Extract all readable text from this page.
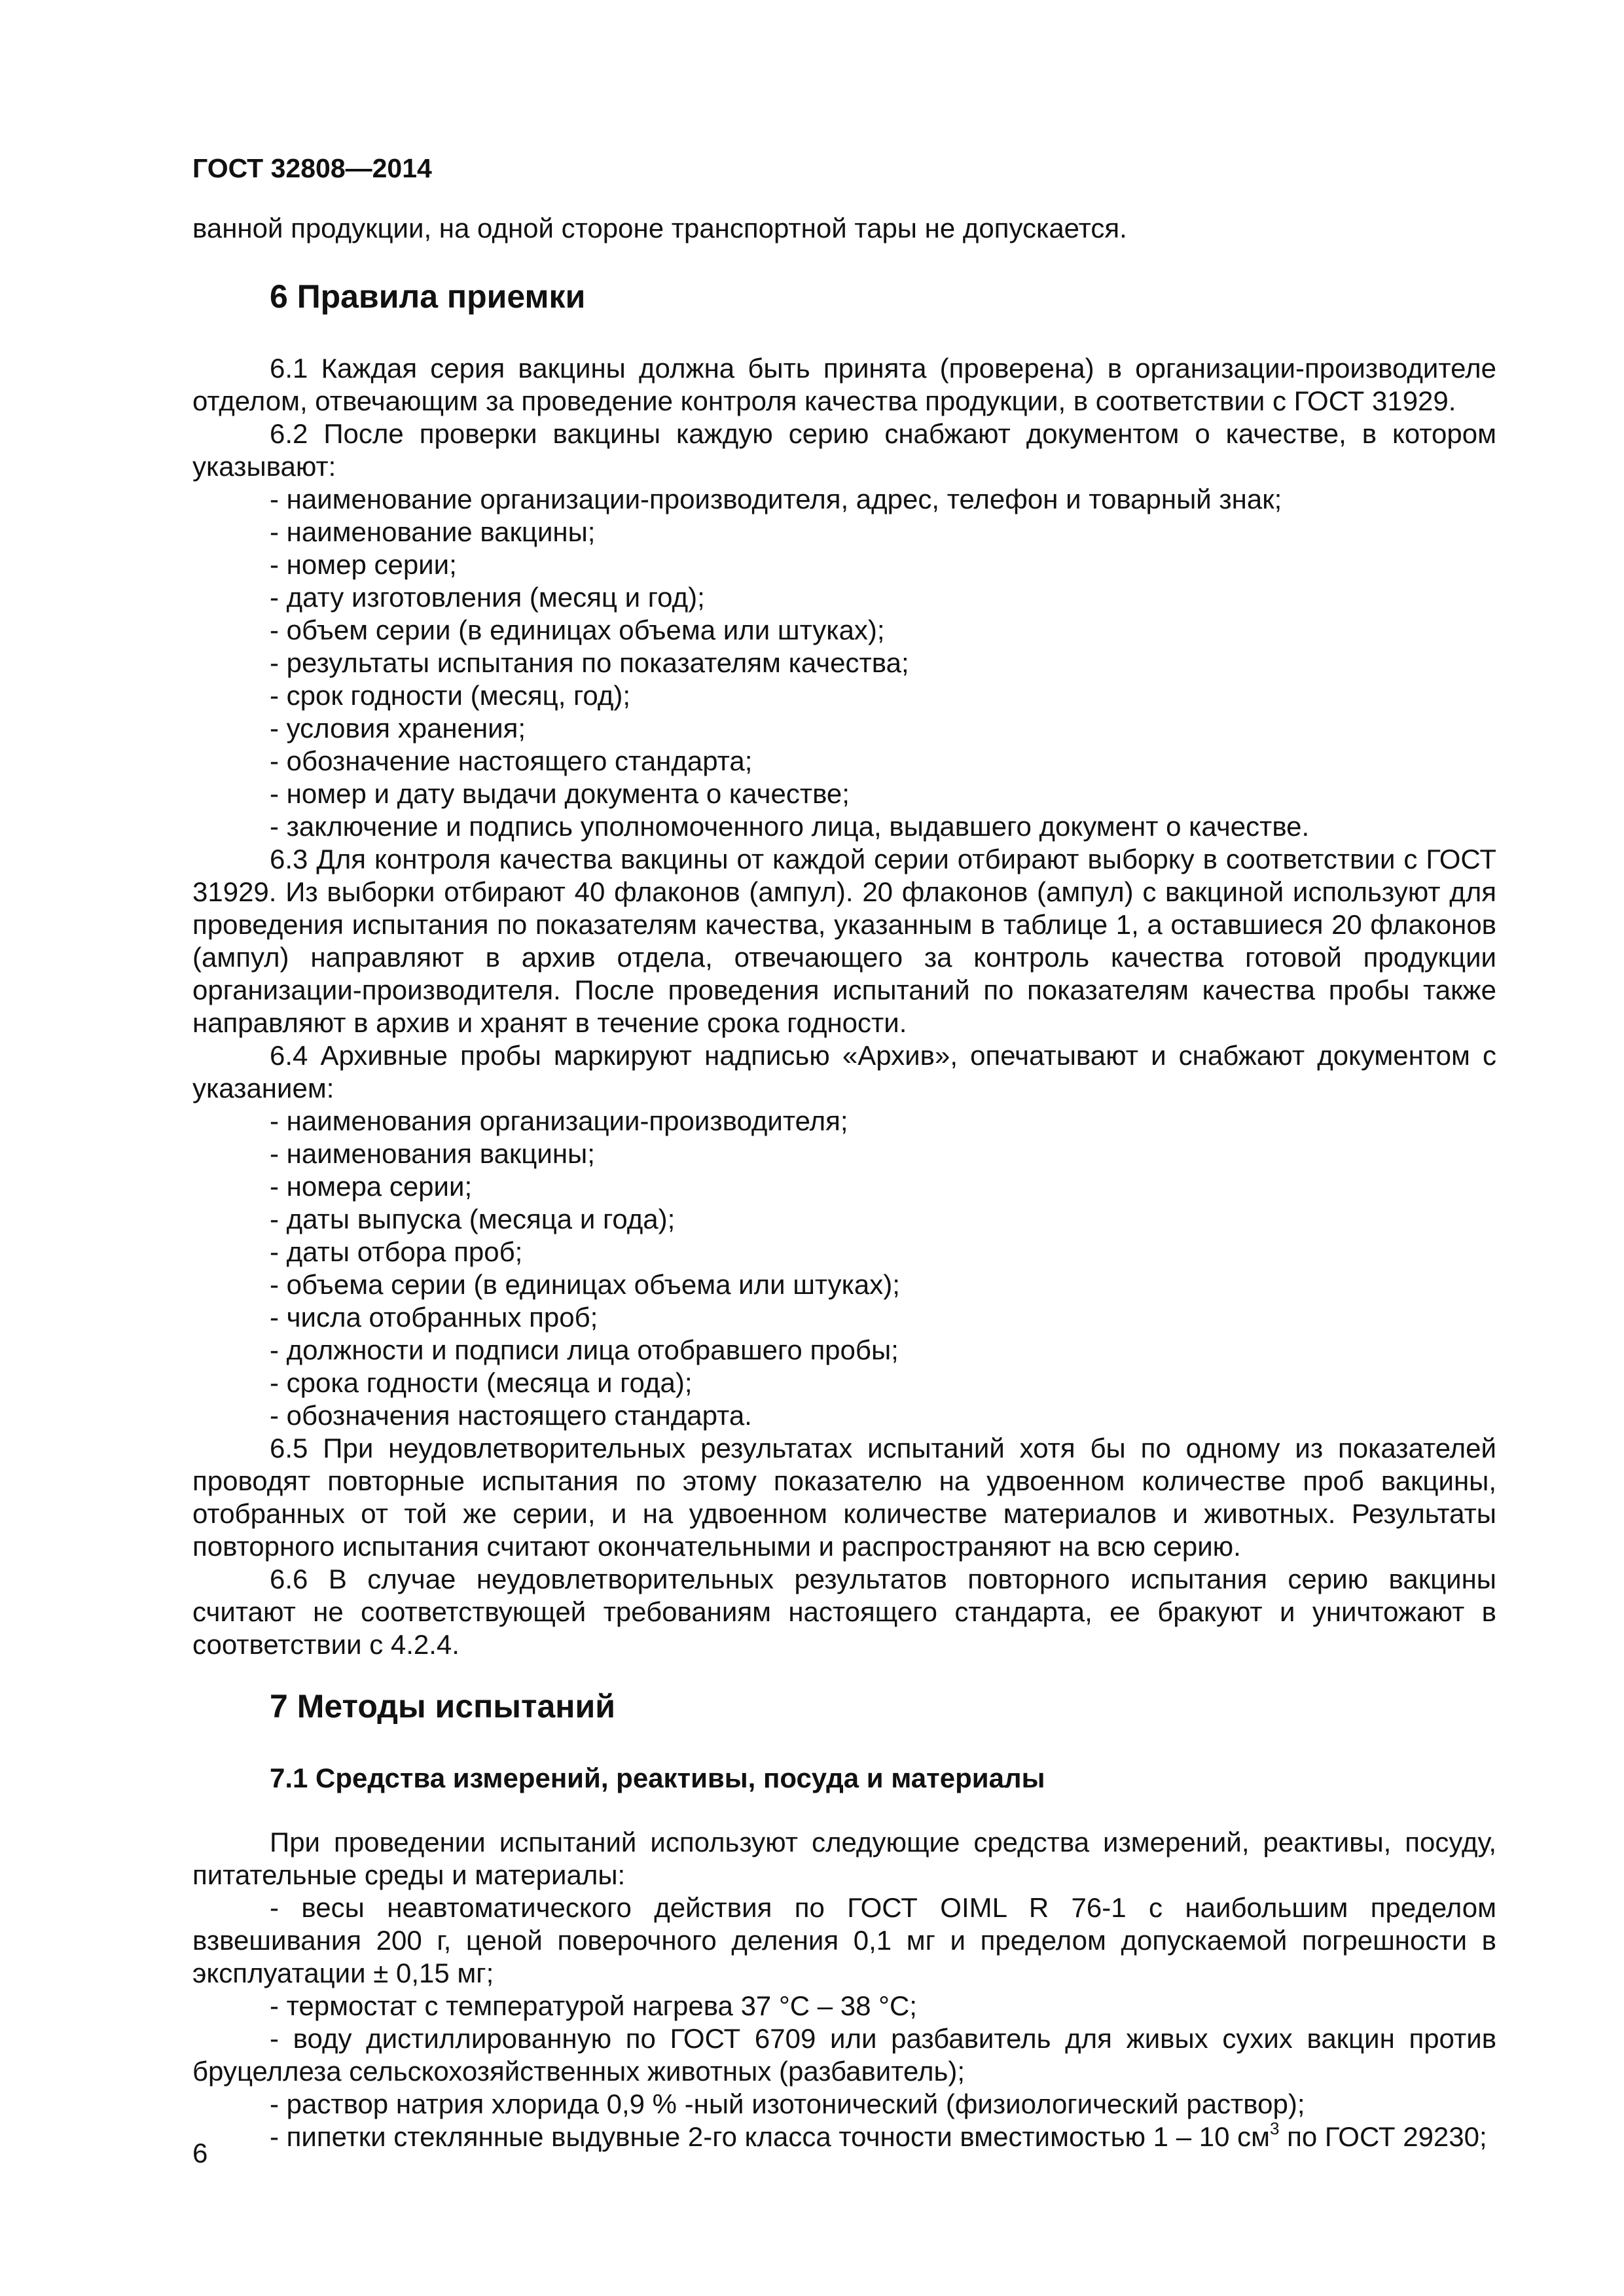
ГОСТ 32808—2014

ванной продукции, на одной стороне транспортной тары не допускается.

6 Правила приемки

6.1 Каждая серия вакцины должна быть принята (проверена) в организации-производителе отделом, отвечающим за проведение контроля качества продукции, в соответствии с ГОСТ 31929.

6.2 После проверки вакцины каждую серию снабжают документом о качестве, в котором указывают:

- наименование организации-производителя, адрес, телефон и товарный знак;

- наименование вакцины;

- номер серии;

- дату изготовления (месяц и год);

- объем серии (в единицах объема или штуках);

- результаты испытания по показателям качества;

- срок годности (месяц, год);

- условия хранения;

- обозначение настоящего стандарта;

- номер и дату выдачи документа о качестве;

- заключение и подпись уполномоченного лица, выдавшего документ о качестве.

6.3 Для контроля качества вакцины от каждой серии отбирают выборку в соответствии с ГОСТ 31929. Из выборки отбирают 40 флаконов (ампул). 20 флаконов (ампул) с вакциной используют для проведения испытания по показателям качества, указанным в таблице 1, а оставшиеся 20 флаконов (ампул) направляют в архив отдела, отвечающего за контроль качества готовой продукции организации-производителя. После проведения испытаний по показателям качества пробы также направляют в архив и хранят в течение срока годности.

6.4 Архивные пробы маркируют надписью «Архив», опечатывают и снабжают документом с указанием:

- наименования организации-производителя;

- наименования вакцины;

- номера серии;

- даты выпуска (месяца и года);

- даты отбора проб;

- объема серии (в единицах объема или штуках);

- числа отобранных проб;

- должности и подписи лица отобравшего пробы;

- срока годности (месяца и года);

- обозначения настоящего стандарта.

6.5 При неудовлетворительных результатах испытаний хотя бы по одному из показателей проводят повторные испытания по этому показателю на удвоенном количестве проб вакцины, отобранных от той же серии, и на удвоенном количестве материалов и животных. Результаты повторного испытания считают окончательными и распространяют на всю серию.

6.6 В случае неудовлетворительных результатов повторного испытания серию вакцины считают не соответствующей требованиям настоящего стандарта, ее бракуют и уничтожают в соответствии с 4.2.4.

7 Методы испытаний
7.1 Средства измерений, реактивы, посуда и материалы

При проведении испытаний используют следующие средства измерений, реактивы, посуду, питательные среды и материалы:

- весы неавтоматического действия по ГОСТ OIML R 76-1 с наибольшим пределом взвешивания 200 г, ценой поверочного деления 0,1 мг и пределом допускаемой погрешности в эксплуатации ± 0,15 мг;

- термостат с температурой нагрева 37 °С – 38 °С;

- воду дистиллированную по ГОСТ 6709 или разбавитель для живых сухих вакцин против бруцеллеза сельскохозяйственных животных (разбавитель);

- раствор натрия хлорида 0,9 % -ный изотонический (физиологический раствор);

- пипетки стеклянные выдувные 2-го класса точности вместимостью 1 – 10 $см^3$ по ГОСТ 29230;

6
